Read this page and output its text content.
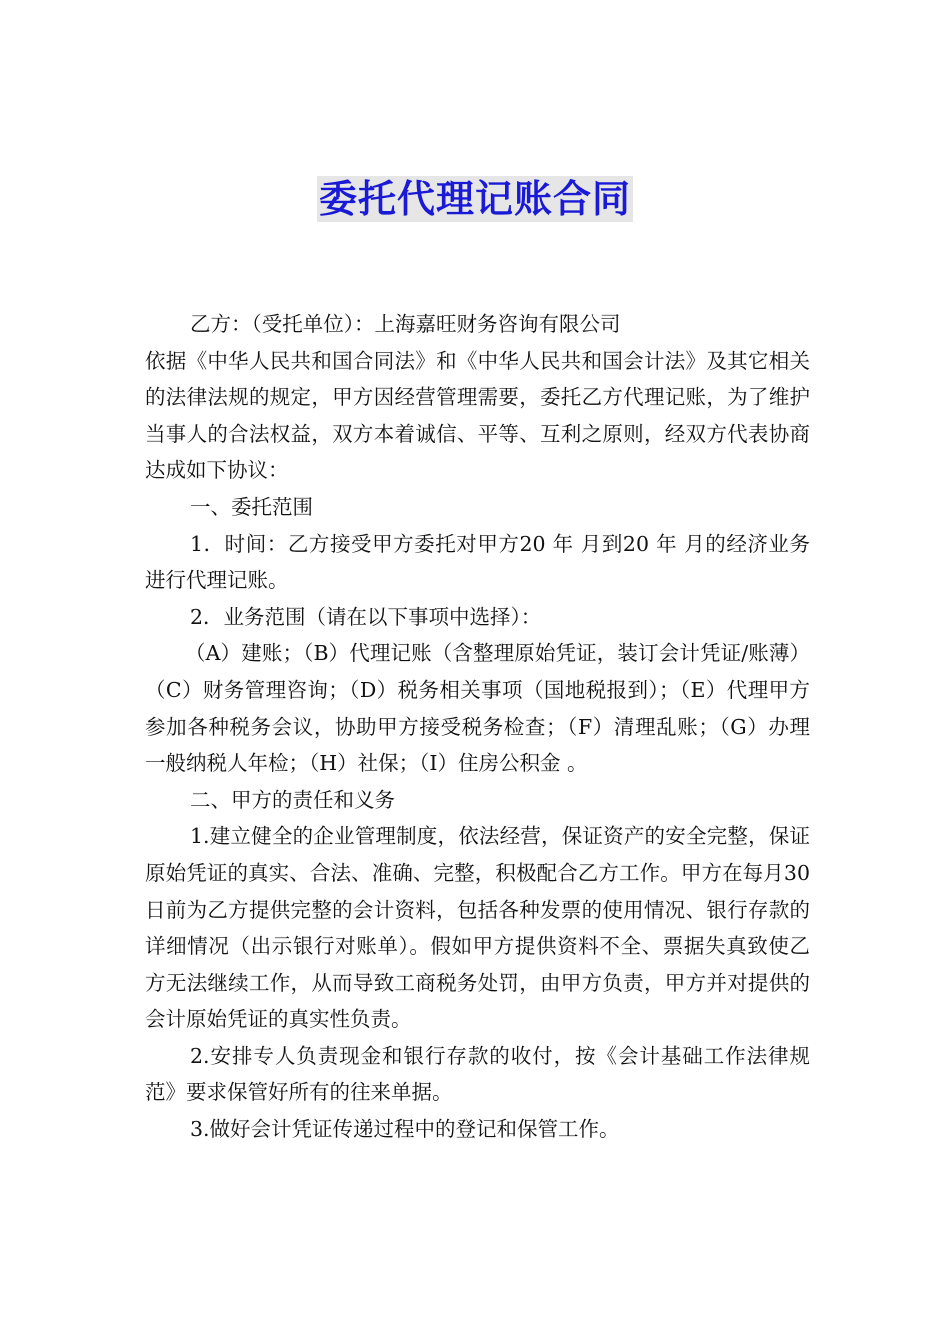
委托代理记账合同

乙方：（受托单位）：上海嘉旺财务咨询有限公司

依据《中华人民共和国合同法》和《中华人民共和国会计法》及其它相关的法律法规的规定，甲方因经营管理需要，委托乙方代理记账，为了维护当事人的合法权益，双方本着诚信、平等、互利之原则，经双方代表协商达成如下协议：

一、委托范围

1．时间：乙方接受甲方委托对甲方20 年 月到20 年 月的经济业务进行代理记账。

2．业务范围（请在以下事项中选择）：

（A）建账；（B）代理记账（含整理原始凭证，装订会计凭证/账薄）（C）财务管理咨询；（D）税务相关事项（国地税报到）；（E）代理甲方参加各种税务会议，协助甲方接受税务检查；（F）清理乱账；（G）办理一般纳税人年检；（H）社保；（I）住房公积金 。

二、甲方的责任和义务

1.建立健全的企业管理制度，依法经营，保证资产的安全完整，保证原始凭证的真实、合法、准确、完整，积极配合乙方工作。甲方在每月30日前为乙方提供完整的会计资料，包括各种发票的使用情况、银行存款的详细情况（出示银行对账单）。假如甲方提供资料不全、票据失真致使乙方无法继续工作，从而导致工商税务处罚，由甲方负责，甲方并对提供的会计原始凭证的真实性负责。

2.安排专人负责现金和银行存款的收付，按《会计基础工作法律规范》要求保管好所有的往来单据。

3.做好会计凭证传递过程中的登记和保管工作。
